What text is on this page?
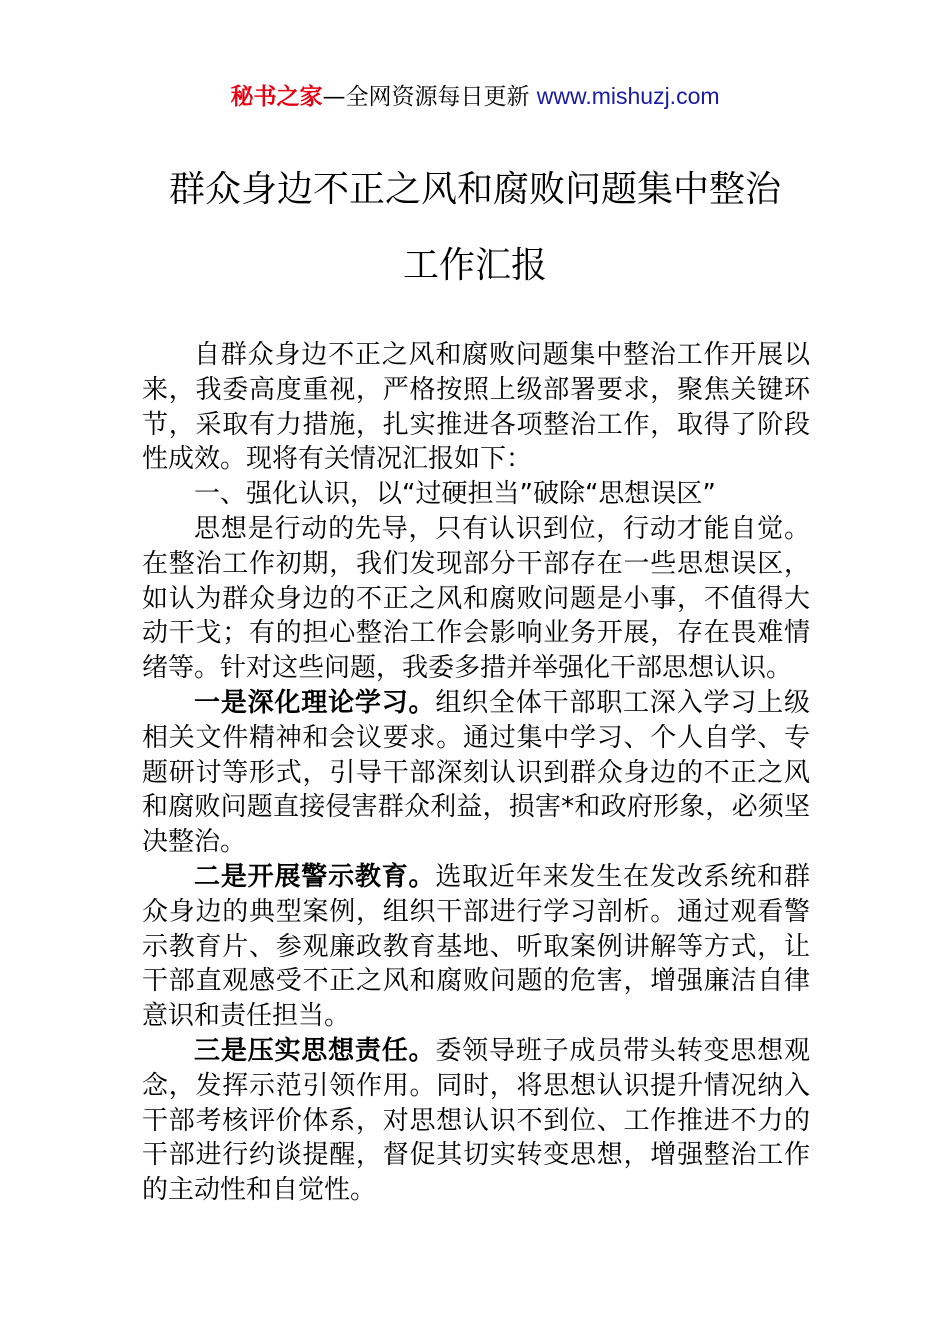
秘书之家—全网资源每日更新 www.mishuzj.com
群众身边不正之风和腐败问题集中整治
工作汇报

自群众身边不正之风和腐败问题集中整治工作开展以来，我委高度重视，严格按照上级部署要求，聚焦关键环节，采取有力措施，扎实推进各项整治工作，取得了阶段性成效。现将有关情况汇报如下：

一、强化认识，以“过硬担当”破除“思想误区”

思想是行动的先导，只有认识到位，行动才能自觉。在整治工作初期，我们发现部分干部存在一些思想误区，如认为群众身边的不正之风和腐败问题是小事，不值得大动干戈；有的担心整治工作会影响业务开展，存在畏难情绪等。针对这些问题，我委多措并举强化干部思想认识。

一是深化理论学习。组织全体干部职工深入学习上级相关文件精神和会议要求。通过集中学习、个人自学、专题研讨等形式，引导干部深刻认识到群众身边的不正之风和腐败问题直接侵害群众利益，损害*和政府形象，必须坚决整治。

二是开展警示教育。选取近年来发生在发改系统和群众身边的典型案例，组织干部进行学习剖析。通过观看警示教育片、参观廉政教育基地、听取案例讲解等方式，让干部直观感受不正之风和腐败问题的危害，增强廉洁自律意识和责任担当。

三是压实思想责任。委领导班子成员带头转变思想观念，发挥示范引领作用。同时，将思想认识提升情况纳入干部考核评价体系，对思想认识不到位、工作推进不力的干部进行约谈提醒，督促其切实转变思想，增强整治工作的主动性和自觉性。
